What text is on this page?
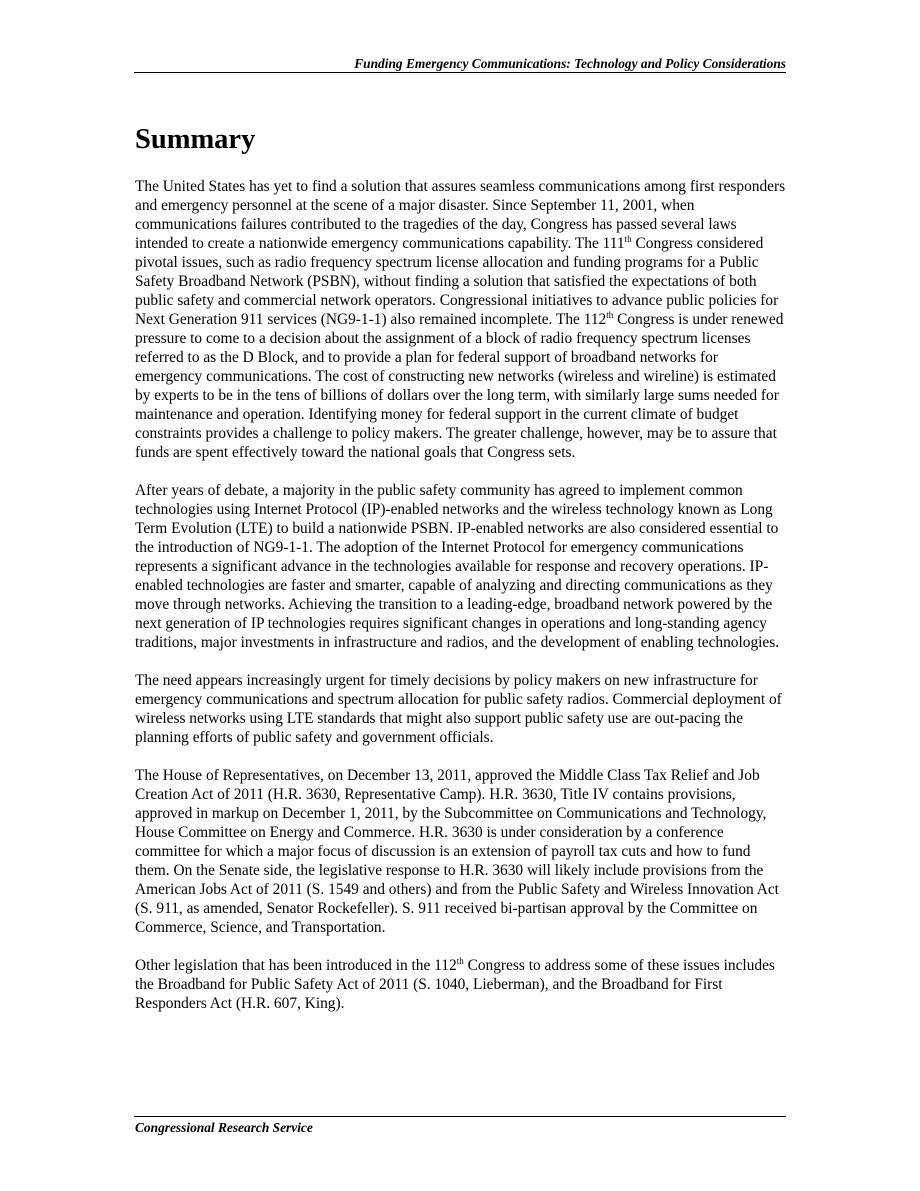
Funding Emergency Communications: Technology and Policy Considerations
Summary

The United States has yet to find a solution that assures seamless communications among first responders and emergency personnel at the scene of a major disaster. Since September 11, 2001, when communications failures contributed to the tragedies of the day, Congress has passed several laws intended to create a nationwide emergency communications capability. The 111th Congress considered pivotal issues, such as radio frequency spectrum license allocation and funding programs for a Public Safety Broadband Network (PSBN), without finding a solution that satisfied the expectations of both public safety and commercial network operators. Congressional initiatives to advance public policies for Next Generation 911 services (NG9-1-1) also remained incomplete. The 112th Congress is under renewed pressure to come to a decision about the assignment of a block of radio frequency spectrum licenses referred to as the D Block, and to provide a plan for federal support of broadband networks for emergency communications. The cost of constructing new networks (wireless and wireline) is estimated by experts to be in the tens of billions of dollars over the long term, with similarly large sums needed for maintenance and operation. Identifying money for federal support in the current climate of budget constraints provides a challenge to policy makers. The greater challenge, however, may be to assure that funds are spent effectively toward the national goals that Congress sets.

After years of debate, a majority in the public safety community has agreed to implement common technologies using Internet Protocol (IP)-enabled networks and the wireless technology known as Long Term Evolution (LTE) to build a nationwide PSBN. IP-enabled networks are also considered essential to the introduction of NG9-1-1. The adoption of the Internet Protocol for emergency communications represents a significant advance in the technologies available for response and recovery operations. IP-enabled technologies are faster and smarter, capable of analyzing and directing communications as they move through networks. Achieving the transition to a leading-edge, broadband network powered by the next generation of IP technologies requires significant changes in operations and long-standing agency traditions, major investments in infrastructure and radios, and the development of enabling technologies.

The need appears increasingly urgent for timely decisions by policy makers on new infrastructure for emergency communications and spectrum allocation for public safety radios. Commercial deployment of wireless networks using LTE standards that might also support public safety use are out-pacing the planning efforts of public safety and government officials.

The House of Representatives, on December 13, 2011, approved the Middle Class Tax Relief and Job Creation Act of 2011 (H.R. 3630, Representative Camp). H.R. 3630, Title IV contains provisions, approved in markup on December 1, 2011, by the Subcommittee on Communications and Technology, House Committee on Energy and Commerce. H.R. 3630 is under consideration by a conference committee for which a major focus of discussion is an extension of payroll tax cuts and how to fund them. On the Senate side, the legislative response to H.R. 3630 will likely include provisions from the American Jobs Act of 2011 (S. 1549 and others) and from the Public Safety and Wireless Innovation Act (S. 911, as amended, Senator Rockefeller). S. 911 received bi-partisan approval by the Committee on Commerce, Science, and Transportation.

Other legislation that has been introduced in the 112th Congress to address some of these issues includes the Broadband for Public Safety Act of 2011 (S. 1040, Lieberman), and the Broadband for First Responders Act (H.R. 607, King).

Congressional Research Service
